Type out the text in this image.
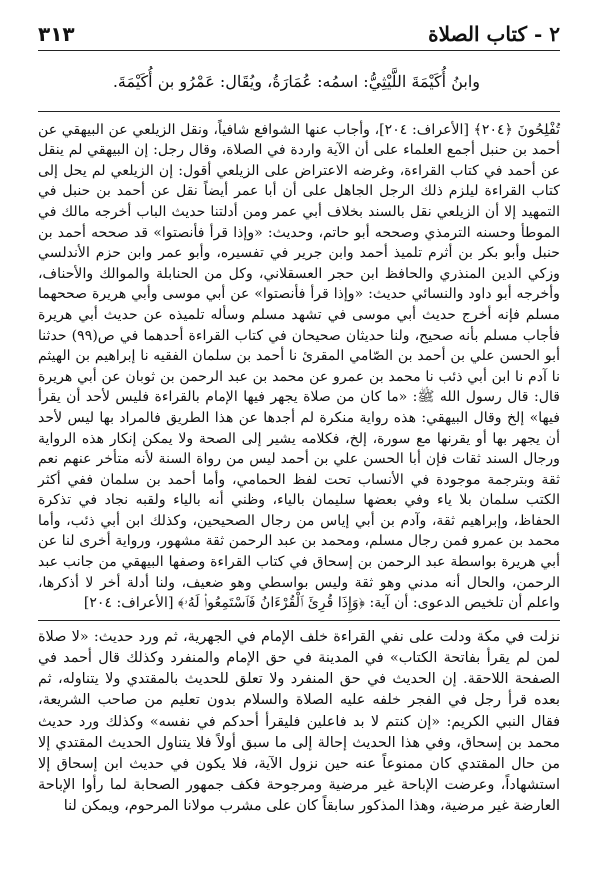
٢ - كتاب الصلاة
٣١٣
وابنُ أُكَيْمَةَ اللَّيْثِيُّ: اسمُه: عُمَارَةُ، ويُقَال: عَمْرُو بن أُكَيْمَةَ.

تُفْلِحُونَ ﴿٢٠٤﴾ [الأعراف: ٢٠٤]، وأجاب عنها الشوافع شافياً، ونقل الزيلعي عن البيهقي عن أحمد بن حنبل أجمع العلماء على أن الآية واردة في الصلاة، وقال رجل: إن البيهقي لم ينقل عن أحمد في كتاب القراءة، وغرضه الاعتراض على الزيلعي أقول: إن الزيلعي لم يحل إلى كتاب القراءة ليلزم ذلك الرجل الجاهل على أن أبا عمر أيضاً نقل عن أحمد بن حنبل في التمهيد إلا أن الزيلعي نقل بالسند بخلاف أبي عمر ومن أدلتنا حديث الباب أخرجه مالك في الموطأ وحسنه الترمذي وصححه أبو حاتم، وحديث: «وإذا قرأ فأنصتوا» قد صححه أحمد بن حنبل وأبو بكر بن أثرم تلميذ أحمد وابن جرير في تفسيره، وأبو عمر وابن حزم الأندلسي وزكي الدين المنذري والحافظ ابن حجر العسقلاني، وكل من الحنابلة والموالك والأحناف، وأخرجه أبو داود والنسائي حديث: «وإذا قرأ فأنصتوا» عن أبي موسى وأبي هريرة صححهما مسلم فإنه أخرج حديث أبي موسى في تشهد مسلم وسأله تلميذه عن حديث أبي هريرة فأجاب مسلم بأنه صحيح، ولنا حديثان صحيحان في كتاب القراءة أحدهما في ص(٩٩) حدثنا أبو الحسن علي بن أحمد بن الصّامي المقرئ نا أحمد بن سلمان الفقيه نا إبراهيم بن الهيثم نا آدم نا ابن أبي ذئب نا محمد بن عمرو عن محمد بن عبد الرحمن بن ثوبان عن أبي هريرة قال: قال رسول الله ﷺ: «ما كان من صلاة يجهر فيها الإمام بالقراءة فليس لأحد أن يقرأ فيها» إلخ وقال البيهقي: هذه رواية منكرة لم أجدها عن هذا الطريق فالمراد بها ليس لأحد أن يجهر بها أو يقرنها مع سورة، إلخ، فكلامه يشير إلى الصحة ولا يمكن إنكار هذه الرواية ورجال السند ثقات فإن أبا الحسن علي بن أحمد ليس من رواة السنة لأنه متأخر عنهم نعم ثقة وبترجمة موجودة في الأنساب تحت لفظ الحمامي، وأما أحمد بن سلمان ففي أكثر الكتب سلمان بلا ياء وفي بعضها سليمان بالياء، وظني أنه بالياء ولقبه نجاد في تذكرة الحفاظ، وإبراهيم ثقة، وآدم بن أبي إياس من رجال الصحيحين، وكذلك ابن أبي ذئب، وأما محمد بن عمرو فمن رجال مسلم، ومحمد بن عبد الرحمن ثقة مشهور، ورواية أخرى لنا عن أبي هريرة بواسطة عبد الرحمن بن إسحاق في كتاب القراءة وصفها البيهقي من جانب عبد الرحمن، والحال أنه مدني وهو ثقة وليس بواسطي وهو ضعيف، ولنا أدلة أخر لا أذكرها، واعلم أن تلخيص الدعوى: أن آية: ﴿وَإِذَا قُرِئَ ٱلْقُرْءَانُ فَٱسْتَمِعُوا۟ لَهُۥ﴾ [الأعراف: ٢٠٤]

نزلت في مكة ودلت على نفي القراءة خلف الإمام في الجهرية، ثم ورد حديث: «لا صلاة لمن لم يقرأ بفاتحة الكتاب» في المدينة في حق الإمام والمنفرد وكذلك قال أحمد في الصفحة اللاحقة. إن الحديث في حق المنفرد ولا تعلق للحديث بالمقتدي ولا يتناوله، ثم بعده قرأ رجل في الفجر خلفه عليه الصلاة والسلام بدون تعليم من صاحب الشريعة، فقال النبي الكريم: «إن كنتم لا بد فاعلين فليقرأ أحدكم في نفسه» وكذلك ورد حديث محمد بن إسحاق، وفي هذا الحديث إحالة إلى ما سبق أولاً فلا يتناول الحديث المقتدي إلا من حال المقتدي كان ممنوعاً عنه حين نزول الآية، فلا يكون في حديث ابن إسحاق إلا استشهاداً، وعرضت الإباحة غير مرضية ومرجوحة فكف جمهور الصحابة لما رأوا الإباحة العارضة غير مرضية، وهذا المذكور سابقاً كان على مشرب مولانا المرحوم، ويمكن لنا
